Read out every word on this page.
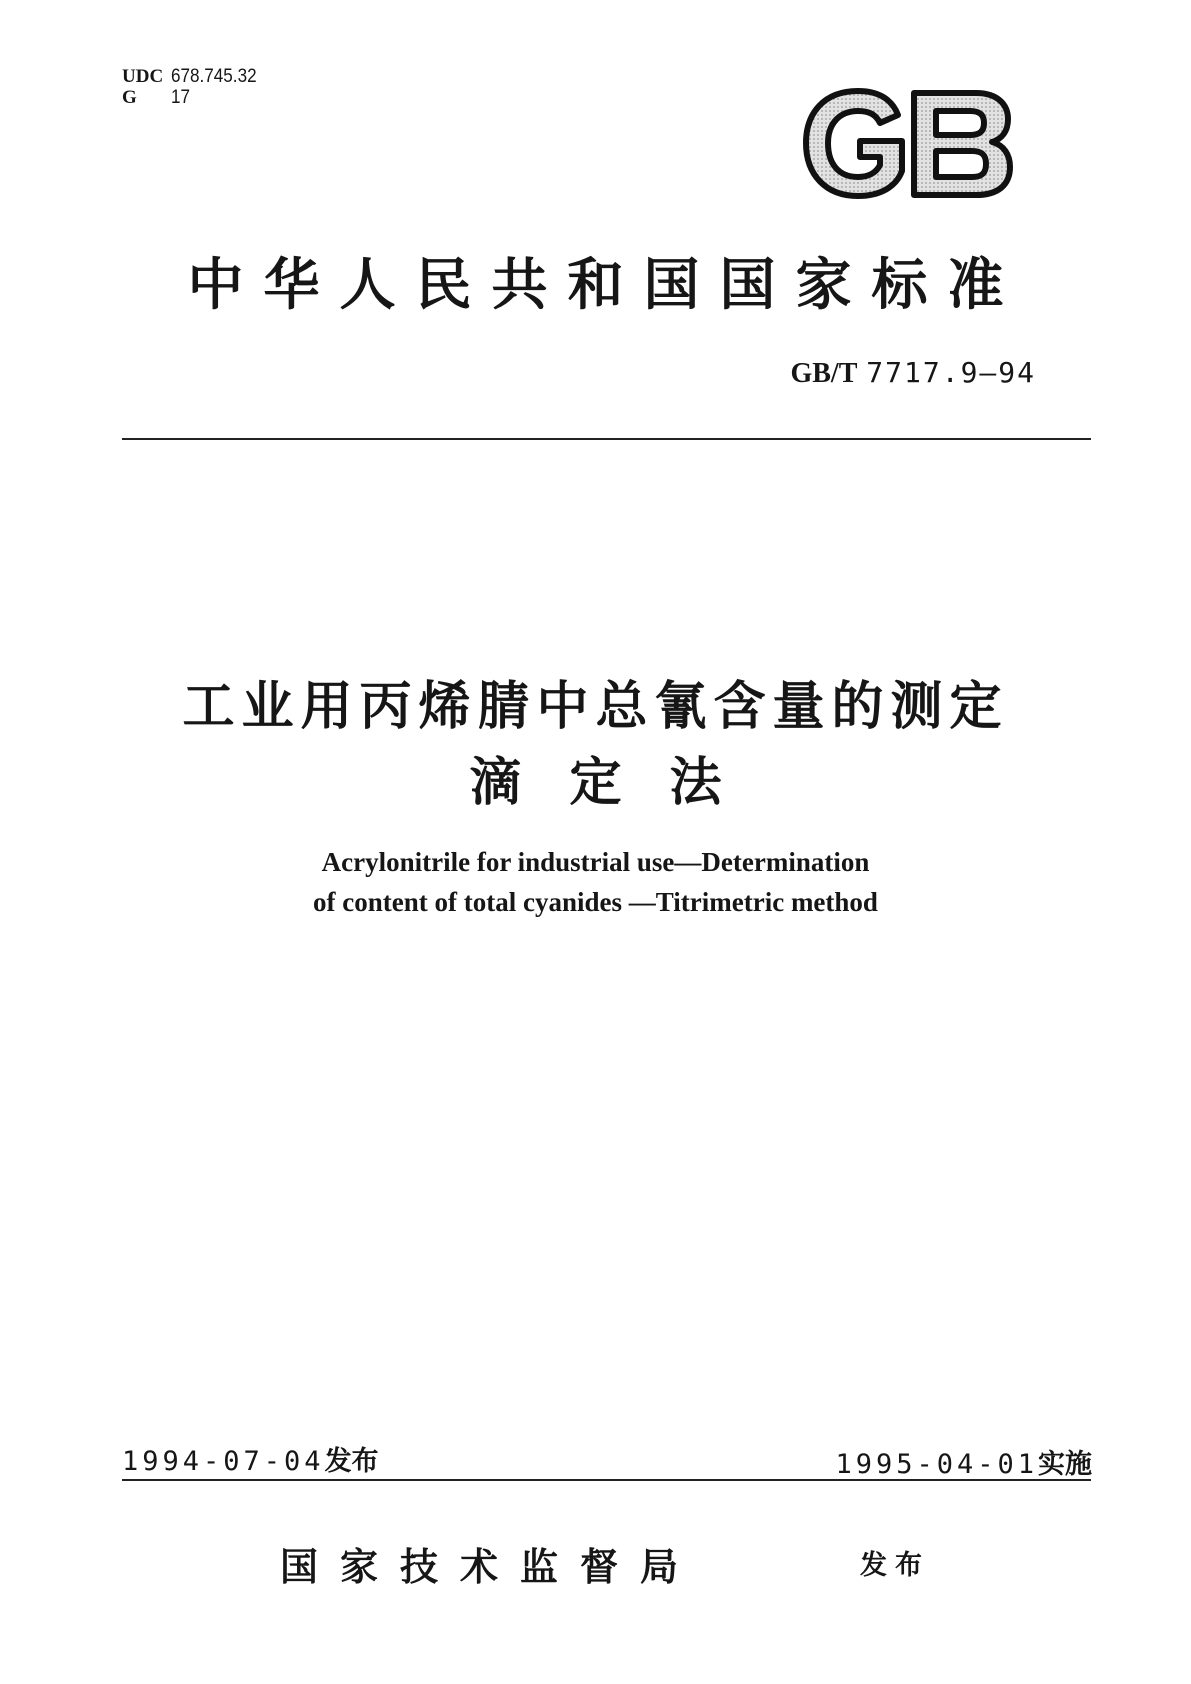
UDC 678.745.32
G 17
中华人民共和国国家标准
GB/T 7717.9—94
工业用丙烯腈中总氰含量的测定
滴定法
Acrylonitrile for industrial use—Determination
of content of total cyanides —Titrimetric method
1994-07-04发布	1995-04-01实施
国家技术监督局	发布
